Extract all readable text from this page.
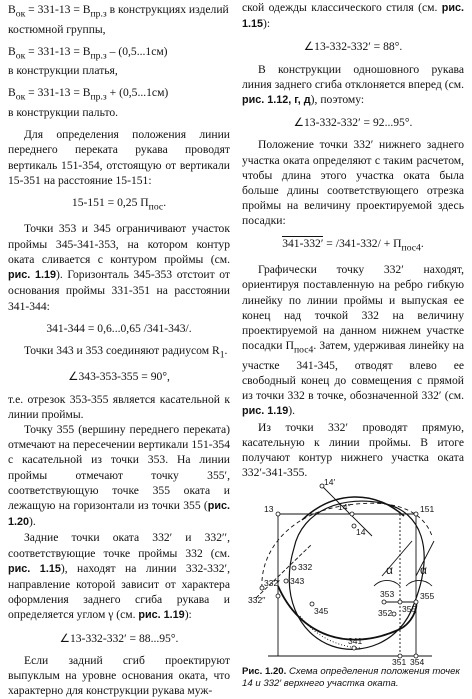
$В_{ок} = 331-13 = В_{пр.з}$ в конструкциях изделий костюмной группы,

$В_{ок} = 331-13 = В_{пр.з} - (0,5...1см)$
в конструкции платья,

$В_{ок} = 331-13 = В_{пр.з} + (0,5...1см)$
в конструкции пальто.

Для определения положения линии переднего переката рукава проводят вертикаль 151-354, отстоящую от вертикали 15-351 на расстояние 15-151:

15-151 = 0,25 $П_{пос}$.

Точки 353 и 345 ограничивают участок проймы 345-341-353, на котором контур оката сливается с контуром проймы (см. рис. 1.19). Горизонталь 345-353 отстоит от основания проймы 331-351 на расстоянии 341-344:

341-344 = 0,6...0,65 /341-343/.

Точки 343 и 353 соединяют радиусом $R_1$.

∠343-353-355 = 90°,

т.е. отрезок 353-355 является касательной к линии проймы.

Точку 355 (вершину переднего переката) отмечают на пересечении вертикали 151-354 с касательной из точки 353. На линии проймы отмечают точку 355′, соответствующую точке 355 оката и лежащую на горизонтали из точки 355 (рис. 1.20).

Задние точки оката 332′ и 332′′, соответствующие точке проймы 332 (см. рис. 1.15), находят на линии 332-332′, направление которой зависит от характера оформления заднего сгиба рукава и определяется углом γ (см. рис. 1.19):

∠13-332-332′ = 88...95°.

Если задний сгиб проектируют выпуклым на уровне основания оката, что характерно для конструкции рукава муж-

ской одежды классического стиля (см. рис. 1.15):

∠13-332-332′ = 88°.

В конструкции одношовного рукава линия заднего сгиба отклоняется вперед (см. рис. 1.12, г, д), поэтому:

∠13-332-332′ = 92...95°.

Положение точки 332′ нижнего заднего участка оката определяют с таким расчетом, чтобы длина этого участка оката была больше длины соответствующего отрезка проймы на величину проектируемой здесь посадки:

$341-332' = /341-332/ + П_{пос4}$.

Графически точку 332′ находят, ориентируя поставленную на ребро гибкую линейку по линии проймы и выпуская ее конец над точкой 332 на величину проектируемой на данном нижнем участке посадки $П_{пос4}$. Затем, удерживая линейку на участке 341-345, отводят влево ее свободный конец до совмещения с прямой из точки 332 в точке, обозначенной 332′ (см. рис. 1.19).

Из точки 332′ проводят прямую, касательную к линии проймы. В итоге получают контур нижнего участка оката 332′-341-355.

14′
14′′
13
14
151
α α
332
343
332′
332′′
345
353	355
352 355
341
351 354

Рис. 1.20. Схема определения положения точек 14 и 332′ верхнего участка оката.
